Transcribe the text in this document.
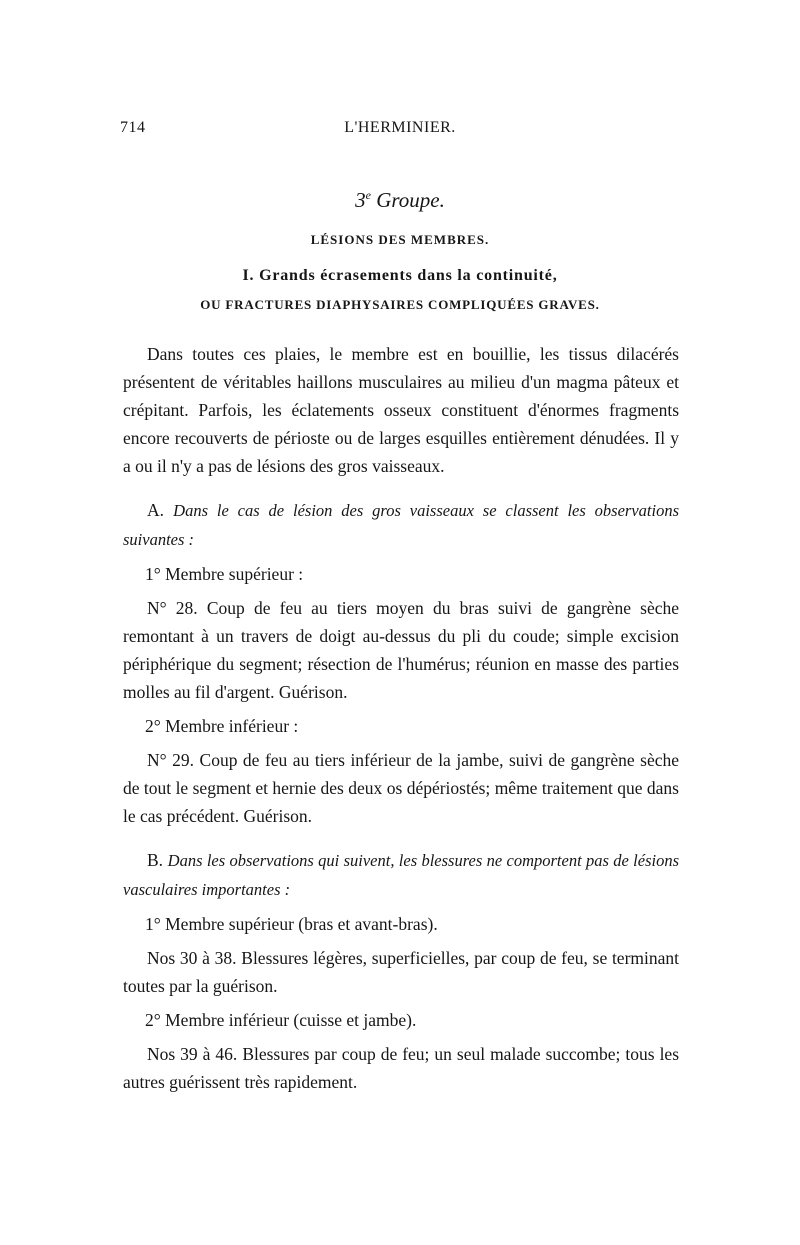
714	L'HERMINIER.
3e Groupe.
LÉSIONS DES MEMBRES.
I. Grands écrasements dans la continuité,
OU FRACTURES DIAPHYSAIRES COMPLIQUÉES GRAVES.

Dans toutes ces plaies, le membre est en bouillie, les tissus dilacérés présentent de véritables haillons musculaires au milieu d'un magma pâteux et crépitant. Parfois, les éclatements osseux constituent d'énormes fragments encore recouverts de périoste ou de larges esquilles entièrement dénudées. Il y a ou il n'y a pas de lésions des gros vaisseaux.

A. Dans le cas de lésion des gros vaisseaux se classent les observations suivantes :

1° Membre supérieur :

N° 28. Coup de feu au tiers moyen du bras suivi de gangrène sèche remontant à un travers de doigt au-dessus du pli du coude; simple excision périphérique du segment; résection de l'humérus; réunion en masse des parties molles au fil d'argent. Guérison.

2° Membre inférieur :

N° 29. Coup de feu au tiers inférieur de la jambe, suivi de gangrène sèche de tout le segment et hernie des deux os dépériostés; même traitement que dans le cas précédent. Guérison.

B. Dans les observations qui suivent, les blessures ne comportent pas de lésions vasculaires importantes :

1° Membre supérieur (bras et avant-bras).

Nos 30 à 38. Blessures légères, superficielles, par coup de feu, se terminant toutes par la guérison.

2° Membre inférieur (cuisse et jambe).

Nos 39 à 46. Blessures par coup de feu; un seul malade succombe; tous les autres guérissent très rapidement.
